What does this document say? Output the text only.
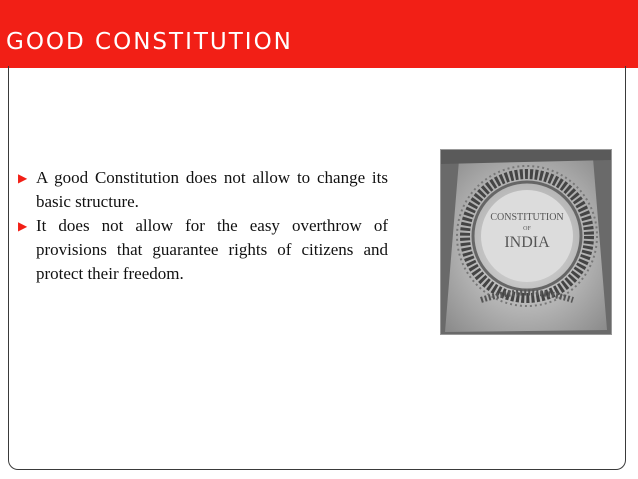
GOOD CONSTITUTION
▶ A good Constitution does not allow to change its basic structure.
▶ It does not allow for the easy overthrow of provisions that guarantee rights of citizens and protect their freedom.
CONSTITUTION
OF
INDIA
